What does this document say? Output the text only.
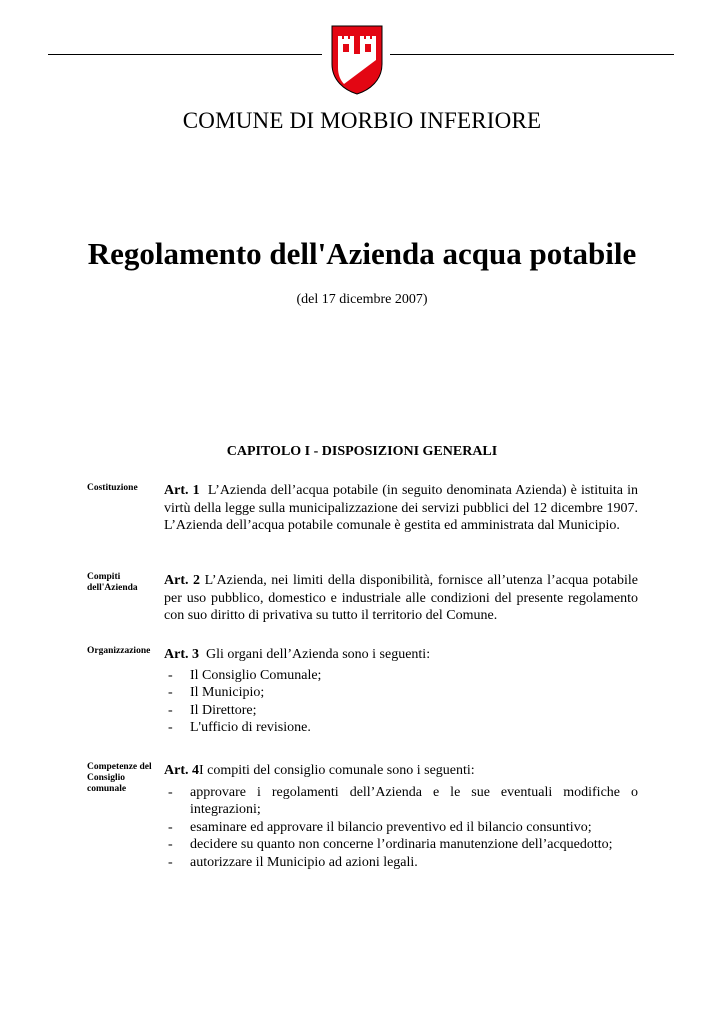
COMUNE DI MORBIO INFERIORE
Regolamento dell'Azienda acqua potabile
(del 17 dicembre 2007)
CAPITOLO I - DISPOSIZIONI GENERALI
Costituzione	Art. 1 L’Azienda dell’acqua potabile (in seguito denominata Azienda) è istituita in virtù della legge sulla municipalizzazione dei servizi pubblici del 12 dicembre 1907. L’Azienda dell’acqua potabile comunale è gestita ed amministrata dal Municipio.
Compiti dell'Azienda	Art. 2 L’Azienda, nei limiti della disponibilità, fornisce all’utenza l’acqua potabile per uso pubblico, domestico e industriale alle condizioni del presente regolamento con suo diritto di privativa su tutto il territorio del Comune.
Organizzazione Art. 3 Gli organi dell’Azienda sono i seguenti:
- Il Consiglio Comunale;
- Il Municipio;
- Il Direttore;
- L'ufficio di revisione.
Competenze del Consiglio comunale
Art. 4I compiti del consiglio comunale sono i seguenti:
- approvare i regolamenti dell’Azienda e le sue eventuali modifiche o integrazioni;
- esaminare ed approvare il bilancio preventivo ed il bilancio consuntivo;
- decidere su quanto non concerne l’ordinaria manutenzione dell’acquedotto;
- autorizzare il Municipio ad azioni legali.
